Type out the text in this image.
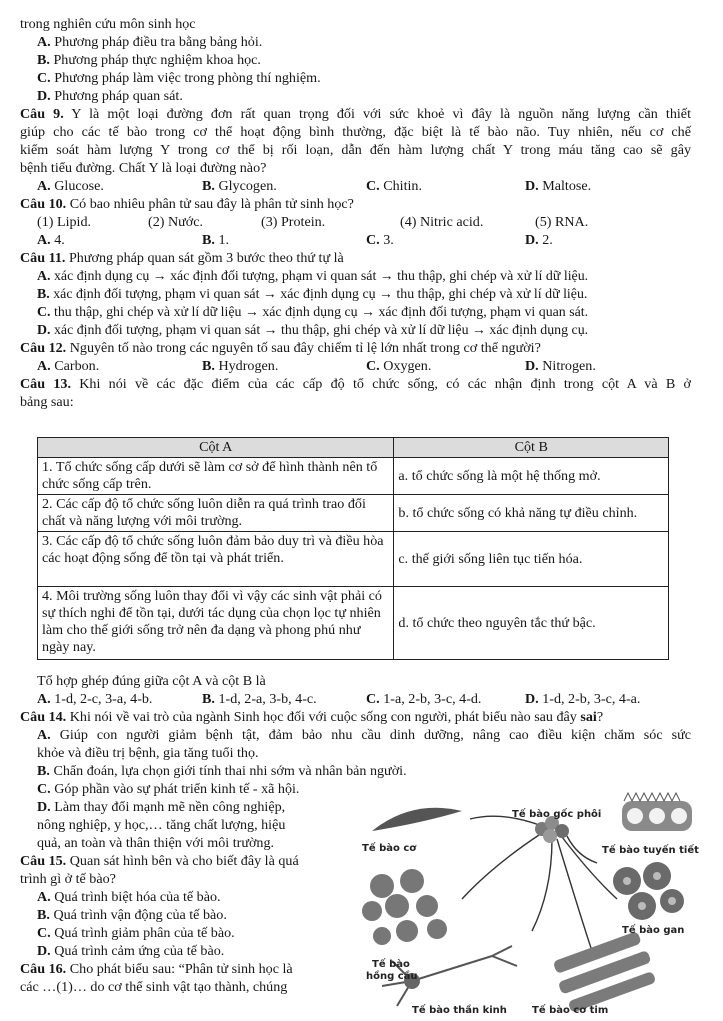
trong nghiên cứu môn sinh học
A. Phương pháp điều tra bằng bảng hỏi.
B. Phương pháp thực nghiệm khoa học.
C. Phương pháp làm việc trong phòng thí nghiệm.
D. Phương pháp quan sát.
Câu 9. Y là một loại đường đơn rất quan trọng đối với sức khoẻ vì đây là nguồn năng lượng cần thiết
giúp cho các tế bào trong cơ thể hoạt động bình thường, đặc biệt là tế bào não. Tuy nhiên, nếu cơ chế
kiểm soát hàm lượng Y trong cơ thể bị rối loạn, dẫn đến hàm lượng chất Y trong máu tăng cao sẽ gây
bệnh tiểu đường. Chất Y là loại đường nào?
A. Glucose.	B. Glycogen.	C. Chitin.	D. Maltose.
Câu 10. Có bao nhiêu phân tử sau đây là phân tử sinh học?
(1) Lipid.	(2) Nước.	(3) Protein.	(4) Nitric acid.	(5) RNA.
A. 4.	B. 1.	C. 3.	D. 2.
Câu 11. Phương pháp quan sát gồm 3 bước theo thứ tự là
A. xác định dụng cụ → xác định đối tượng, phạm vi quan sát → thu thập, ghi chép và xử lí dữ liệu.
B. xác định đối tượng, phạm vi quan sát → xác định dụng cụ → thu thập, ghi chép và xử lí dữ liệu.
C. thu thập, ghi chép và xử lí dữ liệu → xác định dụng cụ → xác định đối tượng, phạm vi quan sát.
D. xác định đối tượng, phạm vi quan sát → thu thập, ghi chép và xử lí dữ liệu → xác định dụng cụ.
Câu 12. Nguyên tố nào trong các nguyên tố sau đây chiếm tỉ lệ lớn nhất trong cơ thể người?
A. Carbon.	B. Hydrogen.	C. Oxygen.	D. Nitrogen.
Câu 13. Khi nói về các đặc điểm của các cấp độ tổ chức sống, có các nhận định trong cột A và B ở
bảng sau:
Cột A	Cột B
1. Tổ chức sống cấp dưới sẽ làm cơ sở để hình thành nên tổ chức sống cấp trên.	a. tổ chức sống là một hệ thống mở.
2. Các cấp độ tổ chức sống luôn diễn ra quá trình trao đổi chất và năng lượng với môi trường.	b. tổ chức sống có khả năng tự điều chỉnh.
3. Các cấp độ tổ chức sống luôn đảm bảo duy trì và điều hòa các hoạt động sống để tồn tại và phát triển.	c. thế giới sống liên tục tiến hóa.
4. Môi trường sống luôn thay đổi vì vậy các sinh vật phải có sự thích nghi để tồn tại, dưới tác dụng của chọn lọc tự nhiên làm cho thế giới sống trở nên đa dạng và phong phú như ngày nay.	d. tổ chức theo nguyên tắc thứ bậc.
Tổ hợp ghép đúng giữa cột A và cột B là
A. 1-d, 2-c, 3-a, 4-b.	B. 1-d, 2-a, 3-b, 4-c.	C. 1-a, 2-b, 3-c, 4-d.	D. 1-d, 2-b, 3-c, 4-a.
Câu 14. Khi nói về vai trò của ngành Sinh học đối với cuộc sống con người, phát biểu nào sau đây sai?
A. Giúp con người giảm bệnh tật, đảm bảo nhu cầu dinh dưỡng, nâng cao điều kiện chăm sóc sức
khỏe và điều trị bệnh, gia tăng tuổi thọ.
B. Chẩn đoán, lựa chọn giới tính thai nhi sớm và nhân bản người.
C. Góp phần vào sự phát triển kinh tế - xã hội.
D. Làm thay đổi mạnh mẽ nền công nghiệp,
nông nghiệp, y học,… tăng chất lượng, hiệu
quả, an toàn và thân thiện với môi trường.
Câu 15. Quan sát hình bên và cho biết đây là quá
trình gì ở tế bào?
A. Quá trình biệt hóa của tế bào.
B. Quá trình vận động của tế bào.
C. Quá trình giảm phân của tế bào.
D. Quá trình cảm ứng của tế bào.
Câu 16. Cho phát biểu sau: “Phân tử sinh học là
các …(1)… do cơ thể sinh vật tạo thành, chúng
Tế bào gốc phôi
Tế bào cơ	Tế bào tuyến tiết
Tế bào
hồng cầu
Tế bào gan
Tế bào thần kinh	Tế bào cơ tim
